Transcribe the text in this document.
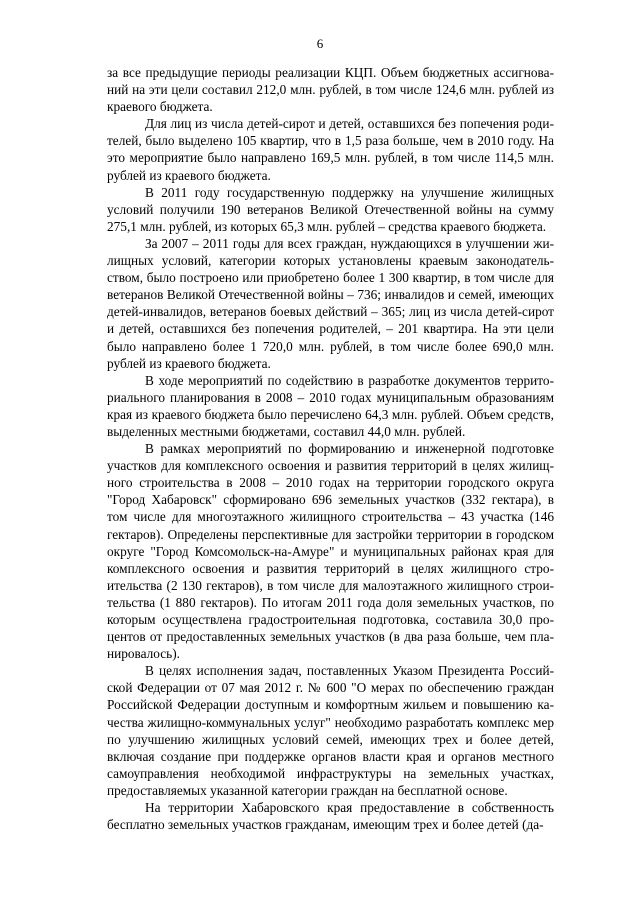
6

за все предыдущие периоды реализации КЦП. Объем бюджетных ассигнований на эти цели составил 212,0 млн. рублей, в том числе 124,6 млн. рублей из краевого бюджета.

Для лиц из числа детей-сирот и детей, оставшихся без попечения родителей, было выделено 105 квартир, что в 1,5 раза больше, чем в 2010 году. На это мероприятие было направлено 169,5 млн. рублей, в том числе 114,5 млн. рублей из краевого бюджета.

В 2011 году государственную поддержку на улучшение жилищных условий получили 190 ветеранов Великой Отечественной войны на сумму 275,1 млн. рублей, из которых 65,3 млн. рублей – средства краевого бюджета.

За 2007 – 2011 годы для всех граждан, нуждающихся в улучшении жилищных условий, категории которых установлены краевым законодательством, было построено или приобретено более 1 300 квартир, в том числе для ветеранов Великой Отечественной войны – 736; инвалидов и семей, имеющих детей-инвалидов, ветеранов боевых действий – 365; лиц из числа детей-сирот и детей, оставшихся без попечения родителей, – 201 квартира. На эти цели было направлено более 1 720,0 млн. рублей, в том числе более 690,0 млн. рублей из краевого бюджета.

В ходе мероприятий по содействию в разработке документов территориального планирования в 2008 – 2010 годах муниципальным образованиям края из краевого бюджета было перечислено 64,3 млн. рублей. Объем средств, выделенных местными бюджетами, составил 44,0 млн. рублей.

В рамках мероприятий по формированию и инженерной подготовке участков для комплексного освоения и развития территорий в целях жилищного строительства в 2008 – 2010 годах на территории городского округа "Город Хабаровск" сформировано 696 земельных участков (332 гектара), в том числе для многоэтажного жилищного строительства – 43 участка (146 гектаров). Определены перспективные для застройки территории в городском округе "Город Комсомольск-на-Амуре" и муниципальных районах края для комплексного освоения и развития территорий в целях жилищного строительства (2 130 гектаров), в том числе для малоэтажного жилищного строительства (1 880 гектаров). По итогам 2011 года доля земельных участков, по которым осуществлена градостроительная подготовка, составила 30,0 процентов от предоставленных земельных участков (в два раза больше, чем планировалось).

В целях исполнения задач, поставленных Указом Президента Российской Федерации от 07 мая 2012 г. № 600 "О мерах по обеспечению граждан Российской Федерации доступным и комфортным жильем и повышению качества жилищно-коммунальных услуг" необходимо разработать комплекс мер по улучшению жилищных условий семей, имеющих трех и более детей, включая создание при поддержке органов власти края и органов местного самоуправления необходимой инфраструктуры на земельных участках, предоставляемых указанной категории граждан на бесплатной основе.

На территории Хабаровского края предоставление в собственность бесплатно земельных участков гражданам, имеющим трех и более детей (да-
